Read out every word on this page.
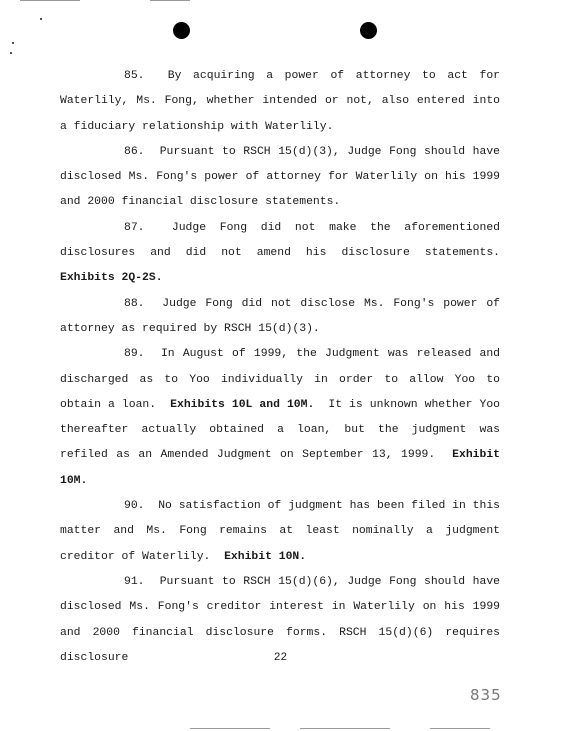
85. By acquiring a power of attorney to act for Waterlily, Ms. Fong, whether intended or not, also entered into a fiduciary relationship with Waterlily.

86. Pursuant to RSCH 15(d)(3), Judge Fong should have disclosed Ms. Fong's power of attorney for Waterlily on his 1999 and 2000 financial disclosure statements.

87. Judge Fong did not make the aforementioned disclosures and did not amend his disclosure statements. Exhibits 2Q-2S.

88. Judge Fong did not disclose Ms. Fong's power of attorney as required by RSCH 15(d)(3).

89. In August of 1999, the Judgment was released and discharged as to Yoo individually in order to allow Yoo to obtain a loan. Exhibits 10L and 10M. It is unknown whether Yoo thereafter actually obtained a loan, but the judgment was refiled as an Amended Judgment on September 13, 1999. Exhibit 10M.

90. No satisfaction of judgment has been filed in this matter and Ms. Fong remains at least nominally a judgment creditor of Waterlily. Exhibit 10N.

91. Pursuant to RSCH 15(d)(6), Judge Fong should have disclosed Ms. Fong's creditor interest in Waterlily on his 1999 and 2000 financial disclosure forms. RSCH 15(d)(6) requires disclosure	22
835
